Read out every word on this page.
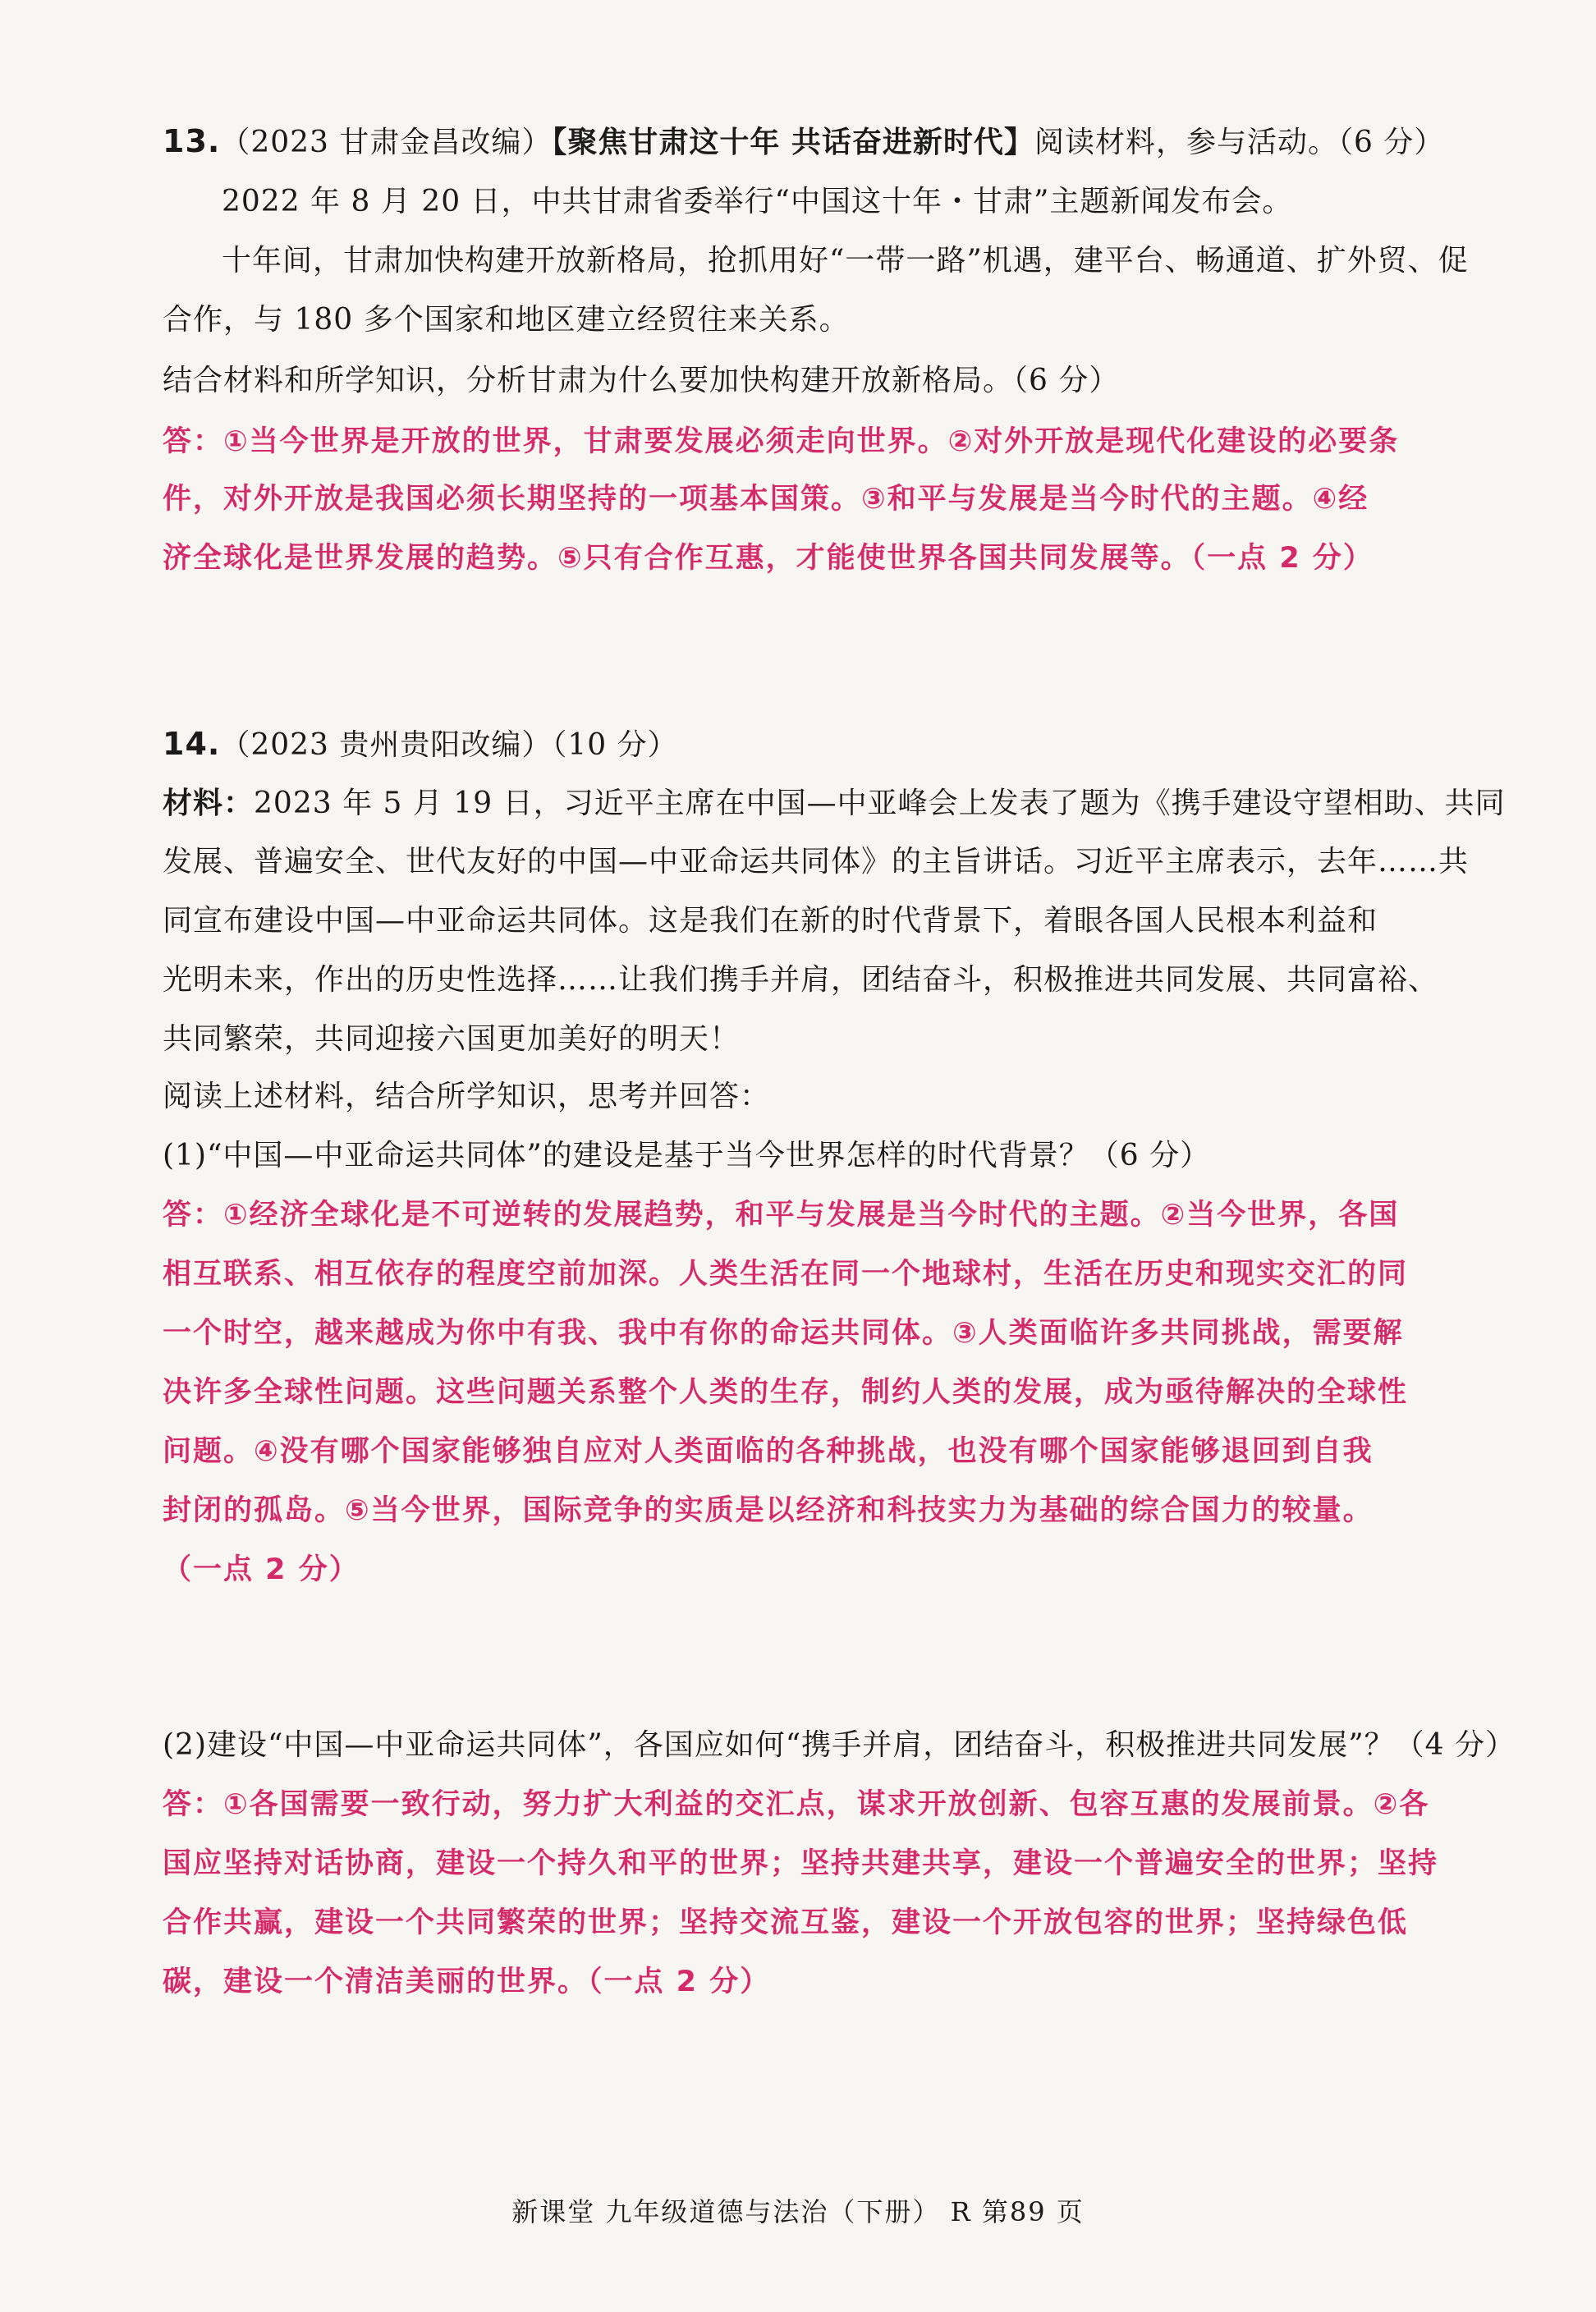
13.（2023 甘肃金昌改编）【聚焦甘肃这十年 共话奋进新时代】阅读材料，参与活动。（6 分）
2022 年 8 月 20 日，中共甘肃省委举行“中国这十年・甘肃”主题新闻发布会。
十年间，甘肃加快构建开放新格局，抢抓用好“一带一路”机遇，建平台、畅通道、扩外贸、促
合作，与 180 多个国家和地区建立经贸往来关系。
结合材料和所学知识，分析甘肃为什么要加快构建开放新格局。（6 分）
答：①当今世界是开放的世界，甘肃要发展必须走向世界。②对外开放是现代化建设的必要条
件，对外开放是我国必须长期坚持的一项基本国策。③和平与发展是当今时代的主题。④经
济全球化是世界发展的趋势。⑤只有合作互惠，才能使世界各国共同发展等。（一点 2 分）
14.（2023 贵州贵阳改编）（10 分）
材料：2023 年 5 月 19 日，习近平主席在中国—中亚峰会上发表了题为《携手建设守望相助、共同
发展、普遍安全、世代友好的中国—中亚命运共同体》的主旨讲话。习近平主席表示，去年……共
同宣布建设中国—中亚命运共同体。这是我们在新的时代背景下，着眼各国人民根本利益和
光明未来，作出的历史性选择……让我们携手并肩，团结奋斗，积极推进共同发展、共同富裕、
共同繁荣，共同迎接六国更加美好的明天！
阅读上述材料，结合所学知识，思考并回答：
(1)“中国—中亚命运共同体”的建设是基于当今世界怎样的时代背景？（6 分）
答：①经济全球化是不可逆转的发展趋势，和平与发展是当今时代的主题。②当今世界，各国
相互联系、相互依存的程度空前加深。人类生活在同一个地球村，生活在历史和现实交汇的同
一个时空，越来越成为你中有我、我中有你的命运共同体。③人类面临许多共同挑战，需要解
决许多全球性问题。这些问题关系整个人类的生存，制约人类的发展，成为亟待解决的全球性
问题。④没有哪个国家能够独自应对人类面临的各种挑战，也没有哪个国家能够退回到自我
封闭的孤岛。⑤当今世界，国际竞争的实质是以经济和科技实力为基础的综合国力的较量。
（一点 2 分）
(2)建设“中国—中亚命运共同体”，各国应如何“携手并肩，团结奋斗，积极推进共同发展”？（4 分）
答：①各国需要一致行动，努力扩大利益的交汇点，谋求开放创新、包容互惠的发展前景。②各
国应坚持对话协商，建设一个持久和平的世界；坚持共建共享，建设一个普遍安全的世界；坚持
合作共赢，建设一个共同繁荣的世界；坚持交流互鉴，建设一个开放包容的世界；坚持绿色低
碳，建设一个清洁美丽的世界。（一点 2 分）
新课堂 九年级道德与法治（下册） R 第89 页
